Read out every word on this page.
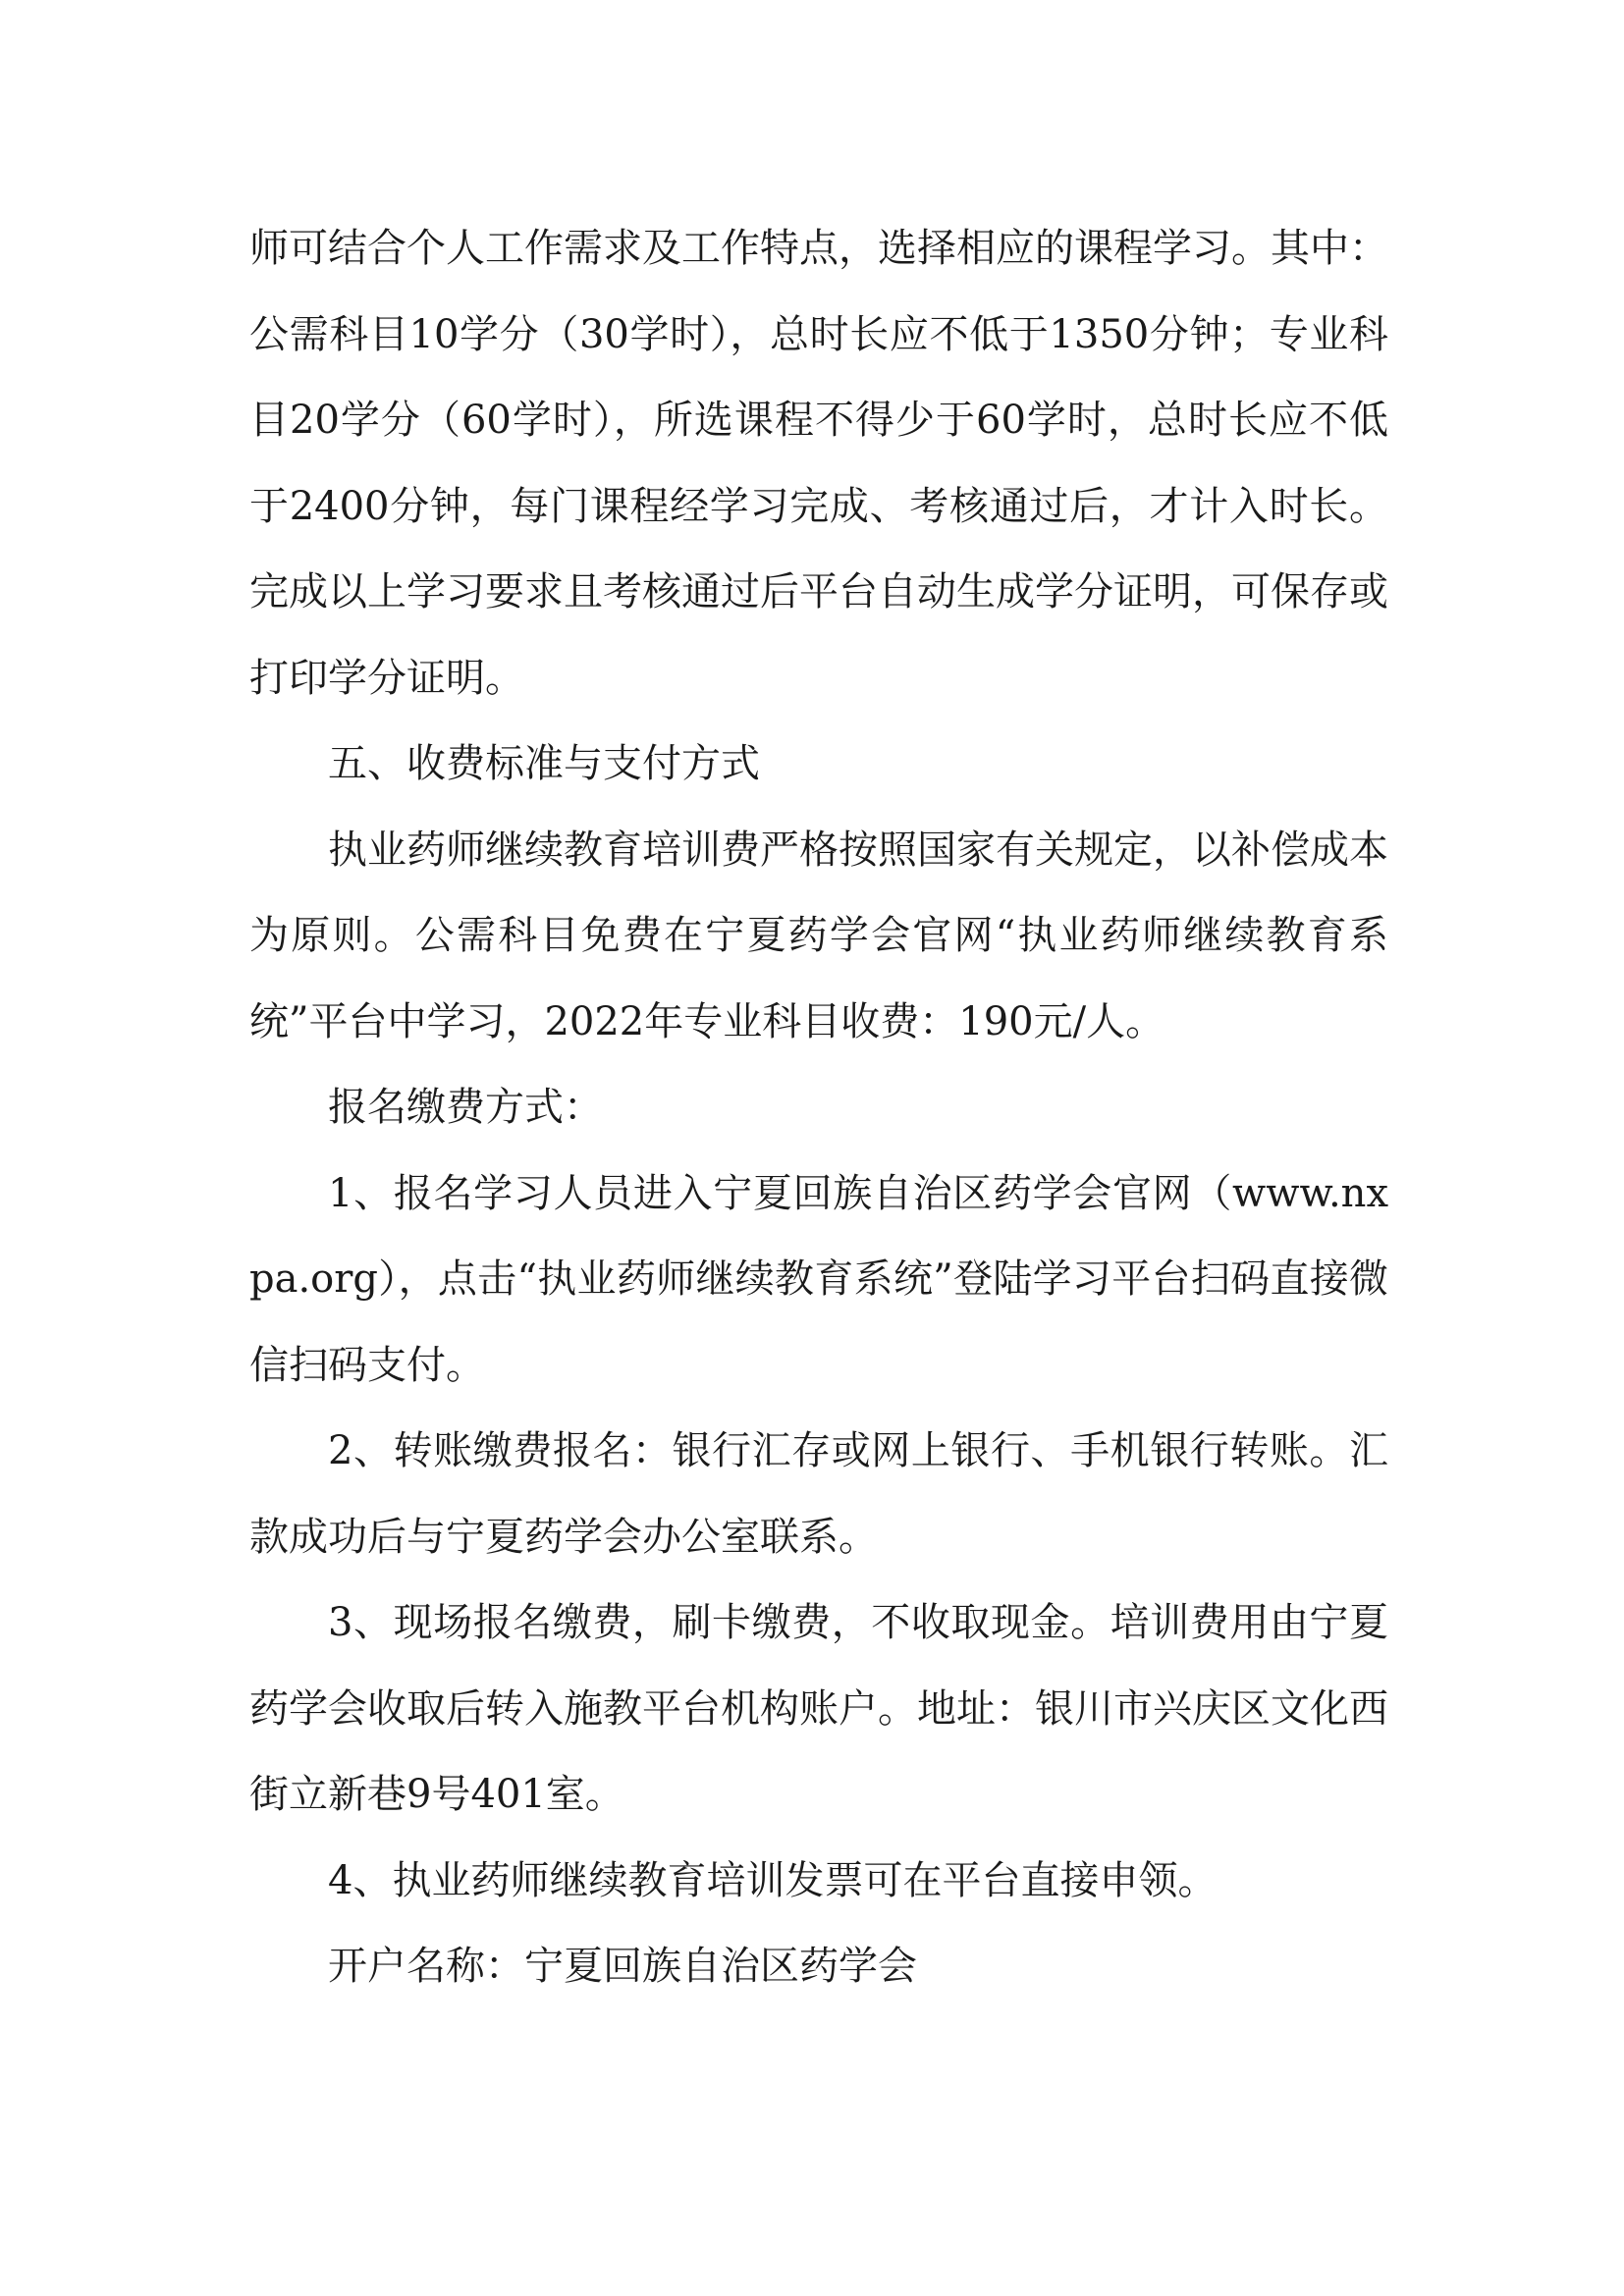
师可结合个人工作需求及工作特点，选择相应的课程学习。其中：公需科目10学分（30学时），总时长应不低于1350分钟；专业科目20学分（60学时），所选课程不得少于60学时，总时长应不低于2400分钟，每门课程经学习完成、考核通过后，才计入时长。完成以上学习要求且考核通过后平台自动生成学分证明，可保存或打印学分证明。

五、收费标准与支付方式

执业药师继续教育培训费严格按照国家有关规定，以补偿成本为原则。公需科目免费在宁夏药学会官网“执业药师继续教育系统”平台中学习，2022年专业科目收费：190元/人。

报名缴费方式：

1、报名学习人员进入宁夏回族自治区药学会官网（www.nxpa.org），点击“执业药师继续教育系统”登陆学习平台扫码直接微信扫码支付。

2、转账缴费报名：银行汇存或网上银行、手机银行转账。汇款成功后与宁夏药学会办公室联系。

3、现场报名缴费，刷卡缴费，不收取现金。培训费用由宁夏药学会收取后转入施教平台机构账户。地址：银川市兴庆区文化西街立新巷9号401室。

4、执业药师继续教育培训发票可在平台直接申领。

开户名称：宁夏回族自治区药学会
